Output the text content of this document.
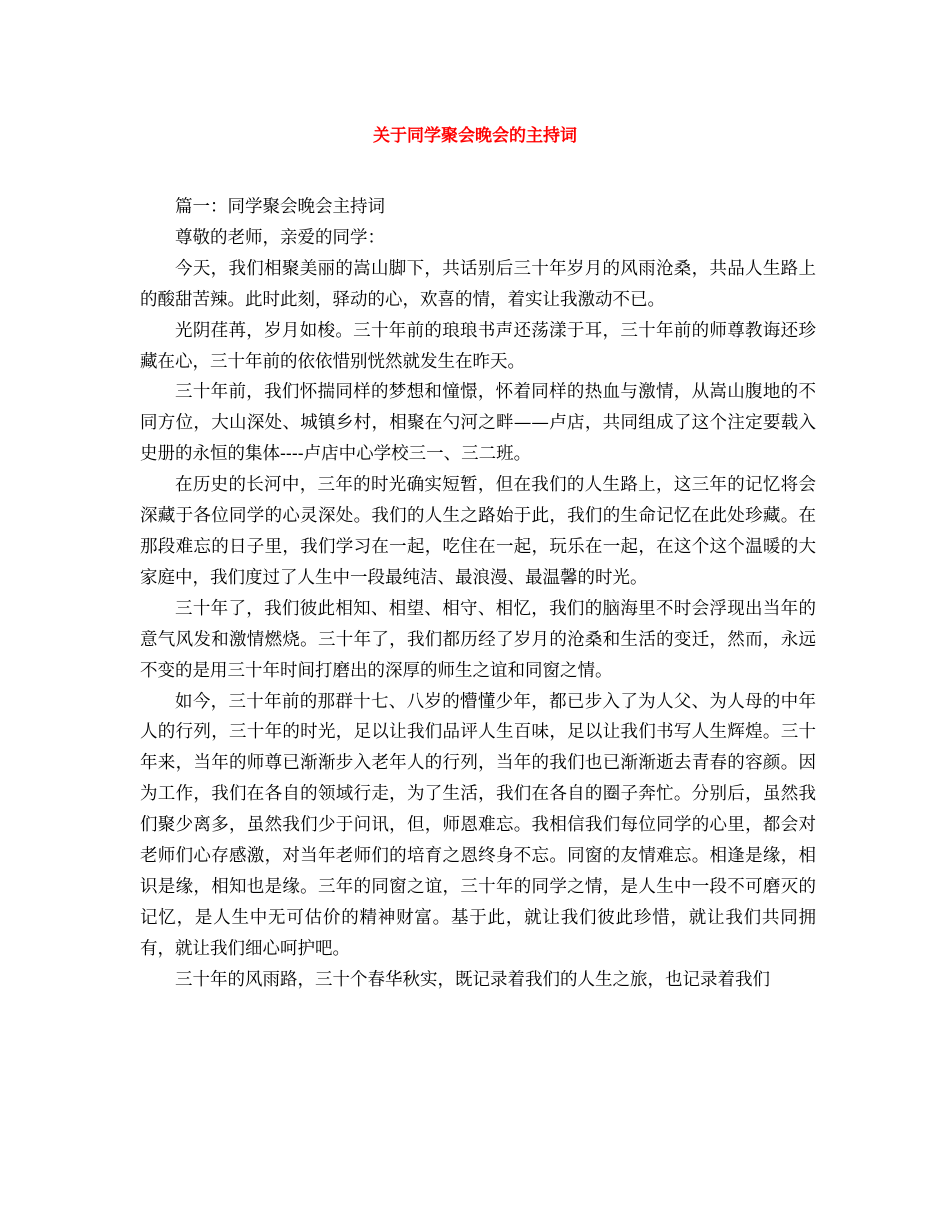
关于同学聚会晚会的主持词

篇一：同学聚会晚会主持词

尊敬的老师，亲爱的同学：

今天，我们相聚美丽的嵩山脚下，共话别后三十年岁月的风雨沧桑，共品人生路上的酸甜苦辣。此时此刻，驿动的心，欢喜的情，着实让我激动不已。

光阴荏苒，岁月如梭。三十年前的琅琅书声还荡漾于耳，三十年前的师尊教诲还珍藏在心，三十年前的依依惜别恍然就发生在昨天。

三十年前，我们怀揣同样的梦想和憧憬，怀着同样的热血与激情，从嵩山腹地的不同方位，大山深处、城镇乡村，相聚在勺河之畔——卢店，共同组成了这个注定要载入史册的永恒的集体----卢店中心学校三一、三二班。

在历史的长河中，三年的时光确实短暂，但在我们的人生路上，这三年的记忆将会深藏于各位同学的心灵深处。我们的人生之路始于此，我们的生命记忆在此处珍藏。在那段难忘的日子里，我们学习在一起，吃住在一起，玩乐在一起，在这个这个温暖的大家庭中，我们度过了人生中一段最纯洁、最浪漫、最温馨的时光。

三十年了，我们彼此相知、相望、相守、相忆，我们的脑海里不时会浮现出当年的意气风发和激情燃烧。三十年了，我们都历经了岁月的沧桑和生活的变迁，然而，永远不变的是用三十年时间打磨出的深厚的师生之谊和同窗之情。

如今，三十年前的那群十七、八岁的懵懂少年，都已步入了为人父、为人母的中年人的行列，三十年的时光，足以让我们品评人生百味，足以让我们书写人生辉煌。三十年来，当年的师尊已渐渐步入老年人的行列，当年的我们也已渐渐逝去青春的容颜。因为工作，我们在各自的领域行走，为了生活，我们在各自的圈子奔忙。分别后，虽然我们聚少离多，虽然我们少于问讯，但，师恩难忘。我相信我们每位同学的心里，都会对老师们心存感激，对当年老师们的培育之恩终身不忘。同窗的友情难忘。相逢是缘，相识是缘，相知也是缘。三年的同窗之谊，三十年的同学之情，是人生中一段不可磨灭的记忆，是人生中无可估价的精神财富。基于此，就让我们彼此珍惜，就让我们共同拥有，就让我们细心呵护吧。

三十年的风雨路，三十个春华秋实，既记录着我们的人生之旅，也记录着我们
